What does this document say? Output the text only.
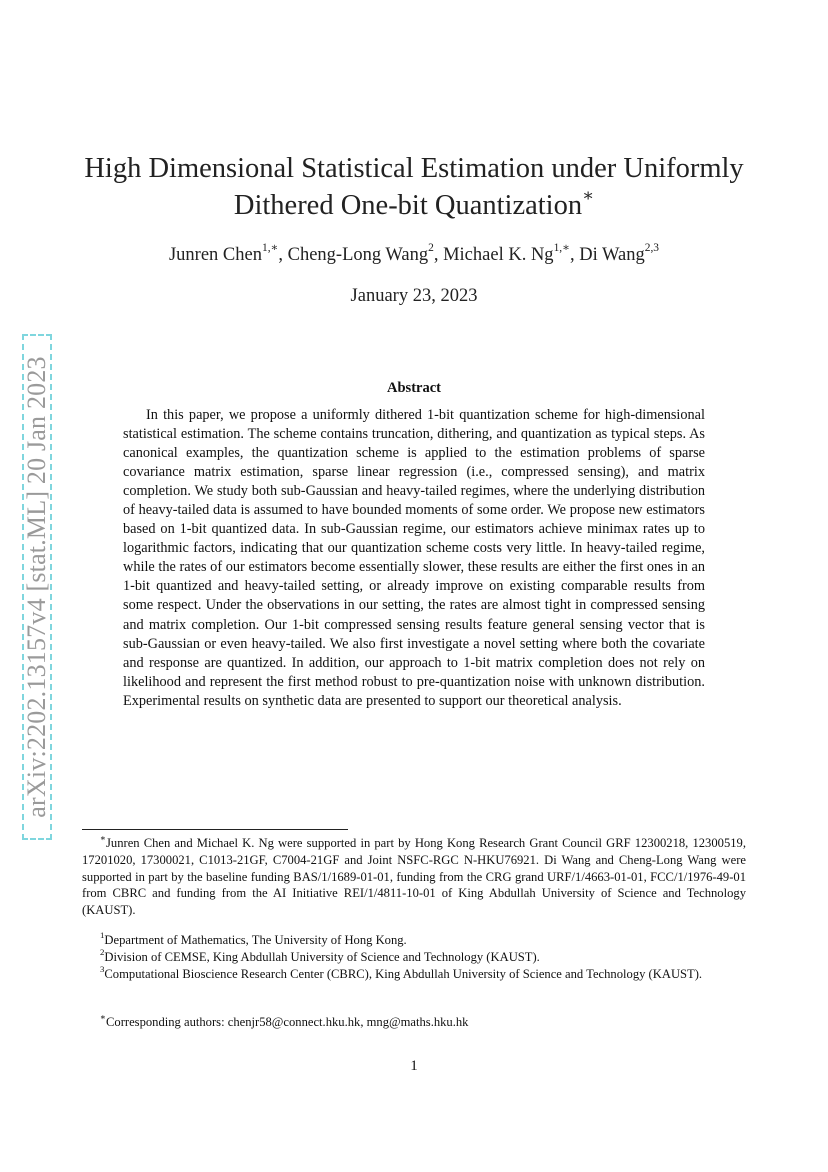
High Dimensional Statistical Estimation under Uniformly
Dithered One-bit Quantization∗
Junren Chen$^{1,∗}$, Cheng-Long Wang$^2$, Michael K. $Ng^{1,∗}$, Di Wang$^{2,3}$
January 23, 2023
arXiv:2202.13157v4 [stat.ML] 20 Jan 2023	Abstract
In this paper, we propose a uniformly dithered 1-bit quantization scheme for high-dimensional statistical estimation. The scheme contains truncation, dithering, and quantization as typical steps. As canonical examples, the quantization scheme is applied to the estimation problems of sparse covariance matrix estimation, sparse linear regression (i.e., compressed sensing), and matrix completion. We study both sub-Gaussian and heavy-tailed regimes, where the underlying distribution of heavy-tailed data is assumed to have bounded moments of some order. We propose new estimators based on 1-bit quantized data. In sub-Gaussian regime, our estimators achieve minimax rates up to logarithmic factors, indicating that our quantization scheme costs very little. In heavy-tailed regime, while the rates of our estimators become essentially slower, these results are either the first ones in an 1-bit quantized and heavy-tailed setting, or already improve on existing comparable results from some respect. Under the observations in our setting, the rates are almost tight in compressed sensing and matrix completion. Our 1-bit compressed sensing results feature general sensing vector that is sub-Gaussian or even heavy-tailed. We also first investigate a novel setting where both the covariate and response are quantized. In addition, our approach to 1-bit matrix completion does not rely on likelihood and represent the first method robust to pre-quantization noise with unknown distribution. Experimental results on synthetic data are presented to support our theoretical analysis.
∗Junren Chen and Michael K. Ng were supported in part by Hong Kong Research Grant Council GRF 12300218, 12300519, 17201020, 17300021, C1013-21GF, C7004-21GF and Joint NSFC-RGC N-HKU76921. Di Wang and Cheng-Long Wang were supported in part by the baseline funding BAS/1/1689-01-01, funding from the CRG grand URF/1/4663-01-01, FCC/1/1976-49-01 from CBRC and funding from the AI Initiative REI/1/4811-10-01 of King Abdullah University of Science and Technology (KAUST).
$^1$Department of Mathematics, The University of Hong Kong.
$^2$Division of CEMSE, King Abdullah University of Science and Technology (KAUST).
$^3$Computational Bioscience Research Center (CBRC), King Abdullah University of Science and Technology (KAUST).
∗Corresponding authors: chenjr58@connect.hku.hk, mng@maths.hku.hk
1
